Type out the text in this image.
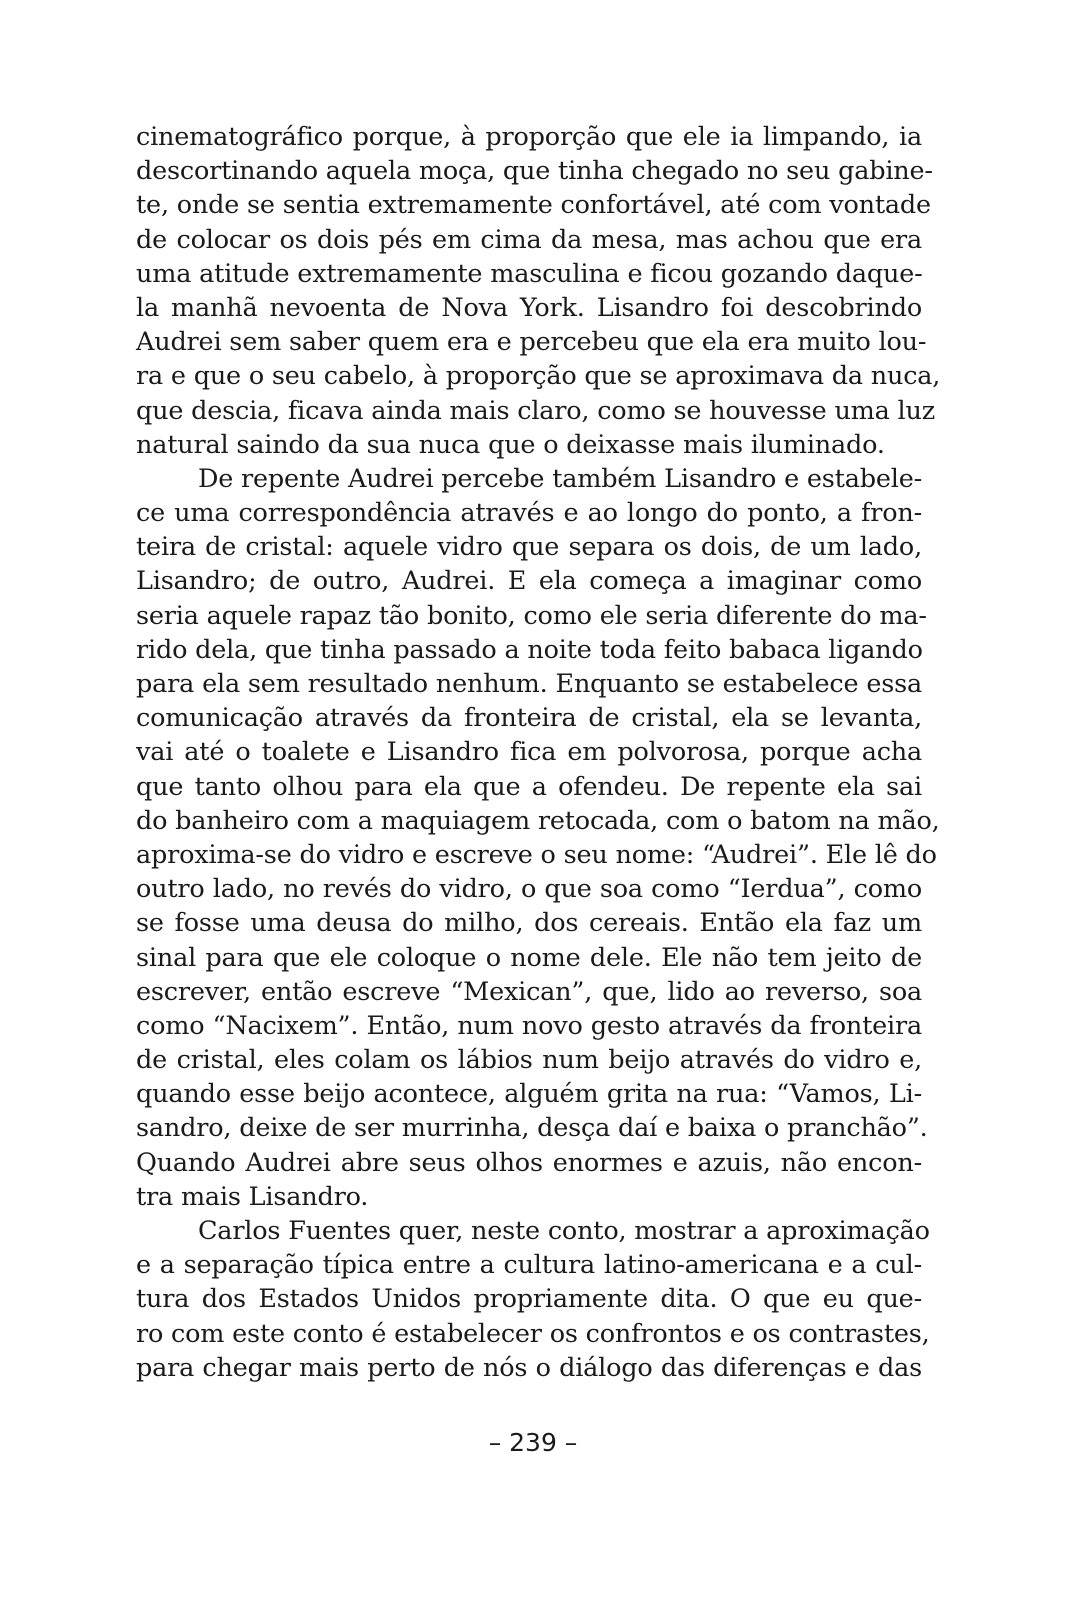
cinematográfico porque, à proporção que ele ia limpando, ia
descortinando aquela moça, que tinha chegado no seu gabine-
te, onde se sentia extremamente confortável, até com vontade
de colocar os dois pés em cima da mesa, mas achou que era
uma atitude extremamente masculina e ficou gozando daque-
la manhã nevoenta de Nova York. Lisandro foi descobrindo
Audrei sem saber quem era e percebeu que ela era muito lou-
ra e que o seu cabelo, à proporção que se aproximava da nuca,
que descia, ficava ainda mais claro, como se houvesse uma luz
natural saindo da sua nuca que o deixasse mais iluminado.
De repente Audrei percebe também Lisandro e estabele-
ce uma correspondência através e ao longo do ponto, a fron-
teira de cristal: aquele vidro que separa os dois, de um lado,
Lisandro; de outro, Audrei. E ela começa a imaginar como
seria aquele rapaz tão bonito, como ele seria diferente do ma-
rido dela, que tinha passado a noite toda feito babaca ligando
para ela sem resultado nenhum. Enquanto se estabelece essa
comunicação através da fronteira de cristal, ela se levanta,
vai até o toalete e Lisandro fica em polvorosa, porque acha
que tanto olhou para ela que a ofendeu. De repente ela sai
do banheiro com a maquiagem retocada, com o batom na mão,
aproxima-se do vidro e escreve o seu nome: “Audrei”. Ele lê do
outro lado, no revés do vidro, o que soa como “Ierdua”, como
se fosse uma deusa do milho, dos cereais. Então ela faz um
sinal para que ele coloque o nome dele. Ele não tem jeito de
escrever, então escreve “Mexican”, que, lido ao reverso, soa
como “Nacixem”. Então, num novo gesto através da fronteira
de cristal, eles colam os lábios num beijo através do vidro e,
quando esse beijo acontece, alguém grita na rua: “Vamos, Li-
sandro, deixe de ser murrinha, desça daí e baixa o pranchão”.
Quando Audrei abre seus olhos enormes e azuis, não encon-
tra mais Lisandro.
Carlos Fuentes quer, neste conto, mostrar a aproximação
e a separação típica entre a cultura latino-americana e a cul-
tura dos Estados Unidos propriamente dita. O que eu que-
ro com este conto é estabelecer os confrontos e os contrastes,
para chegar mais perto de nós o diálogo das diferenças e das
– 239 –
